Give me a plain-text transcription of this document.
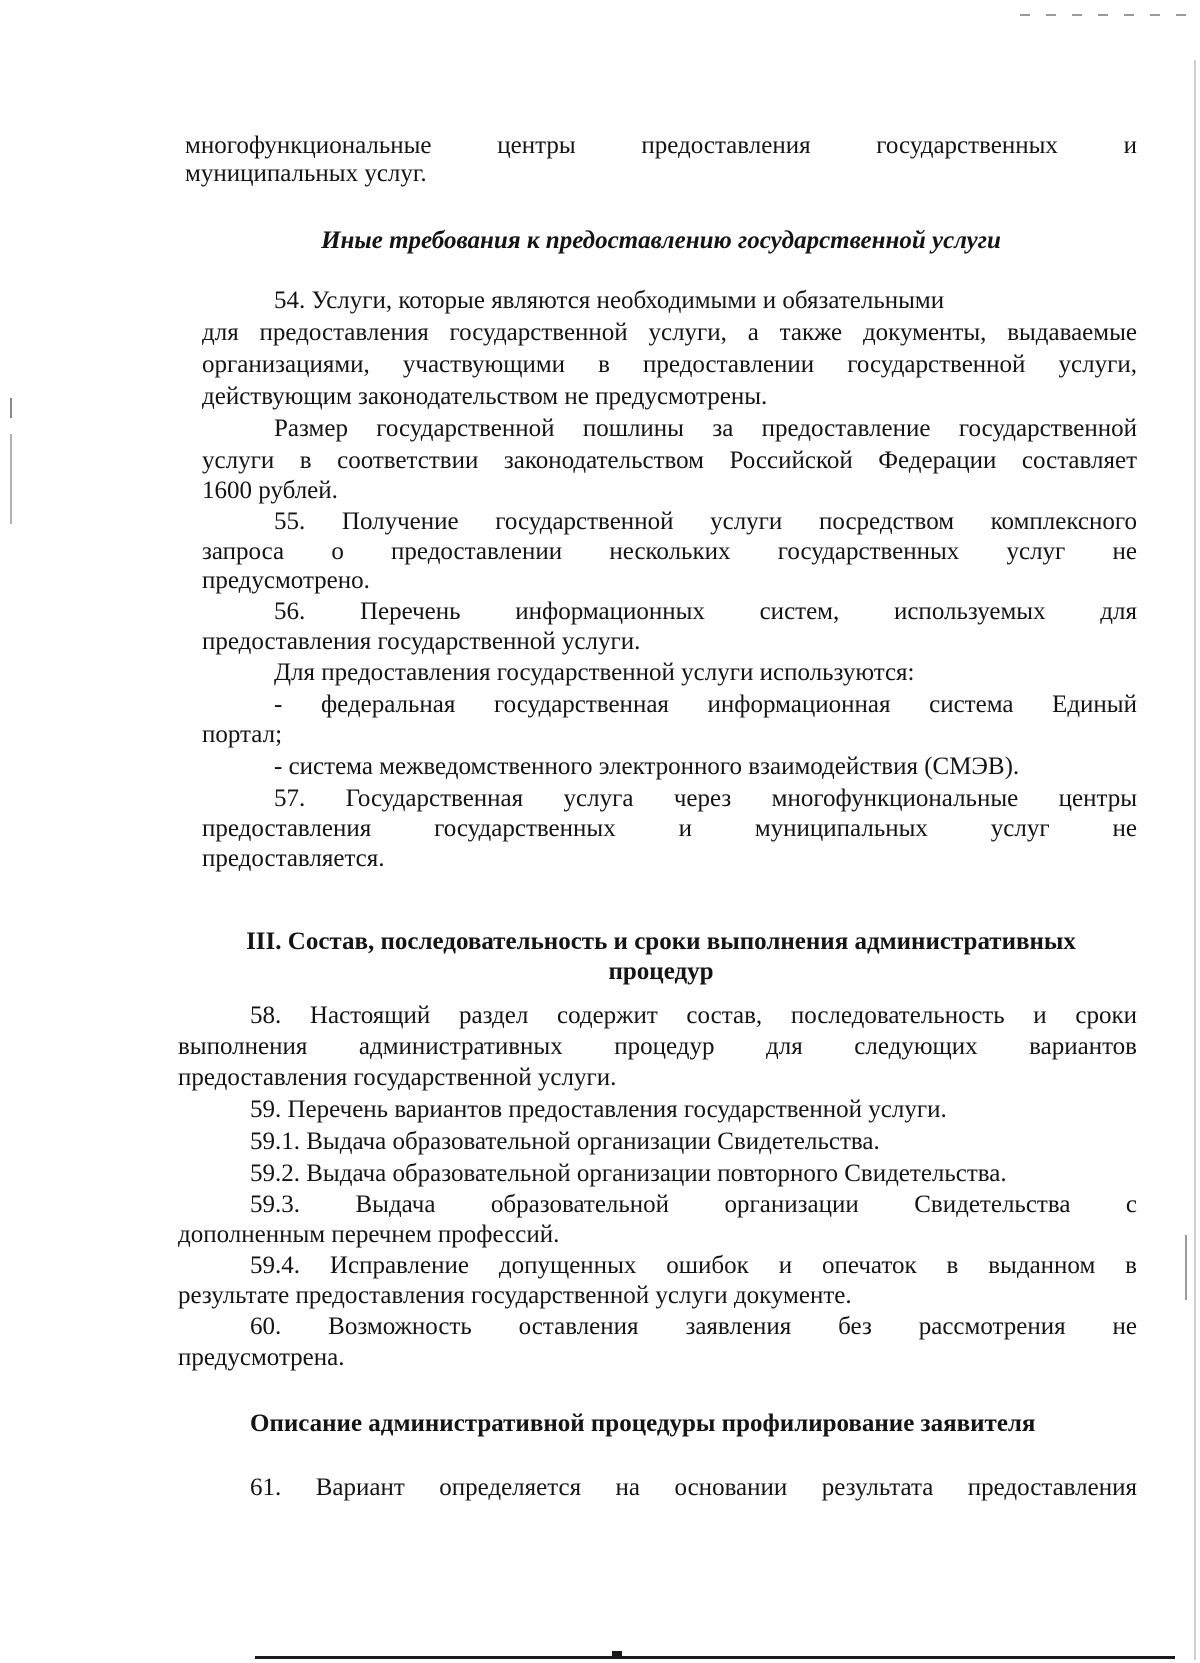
многофункциональные центры предоставления государственных и
муниципальных услуг.
Иные требования к предоставлению государственной услуги
54. Услуги, которые являются необходимыми и обязательными
для предоставления государственной услуги, а также документы, выдаваемые
организациями, участвующими в предоставлении государственной услуги,
действующим законодательством не предусмотрены.
Размер государственной пошлины за предоставление государственной
услуги в соответствии законодательством Российской Федерации составляет
1600 рублей.
55. Получение государственной услуги посредством комплексного
запроса о предоставлении нескольких государственных услуг не
предусмотрено.
56. Перечень информационных систем, используемых для
предоставления государственной услуги.
Для предоставления государственной услуги используются:
- федеральная государственная информационная система Единый
портал;
- система межведомственного электронного взаимодействия (СМЭВ).
57. Государственная услуга через многофункциональные центры
предоставления государственных и муниципальных услуг не
предоставляется.
III. Состав, последовательность и сроки выполнения административных
процедур
58. Настоящий раздел содержит состав, последовательность и сроки
выполнения административных процедур для следующих вариантов
предоставления государственной услуги.
59. Перечень вариантов предоставления государственной услуги.
59.1. Выдача образовательной организации Свидетельства.
59.2. Выдача образовательной организации повторного Свидетельства.
59.3. Выдача образовательной организации Свидетельства с
дополненным перечнем профессий.
59.4. Исправление допущенных ошибок и опечаток в выданном в
результате предоставления государственной услуги документе.
60. Возможность оставления заявления без рассмотрения не
предусмотрена.
Описание административной процедуры профилирование заявителя
61. Вариант определяется на основании результата предоставления
